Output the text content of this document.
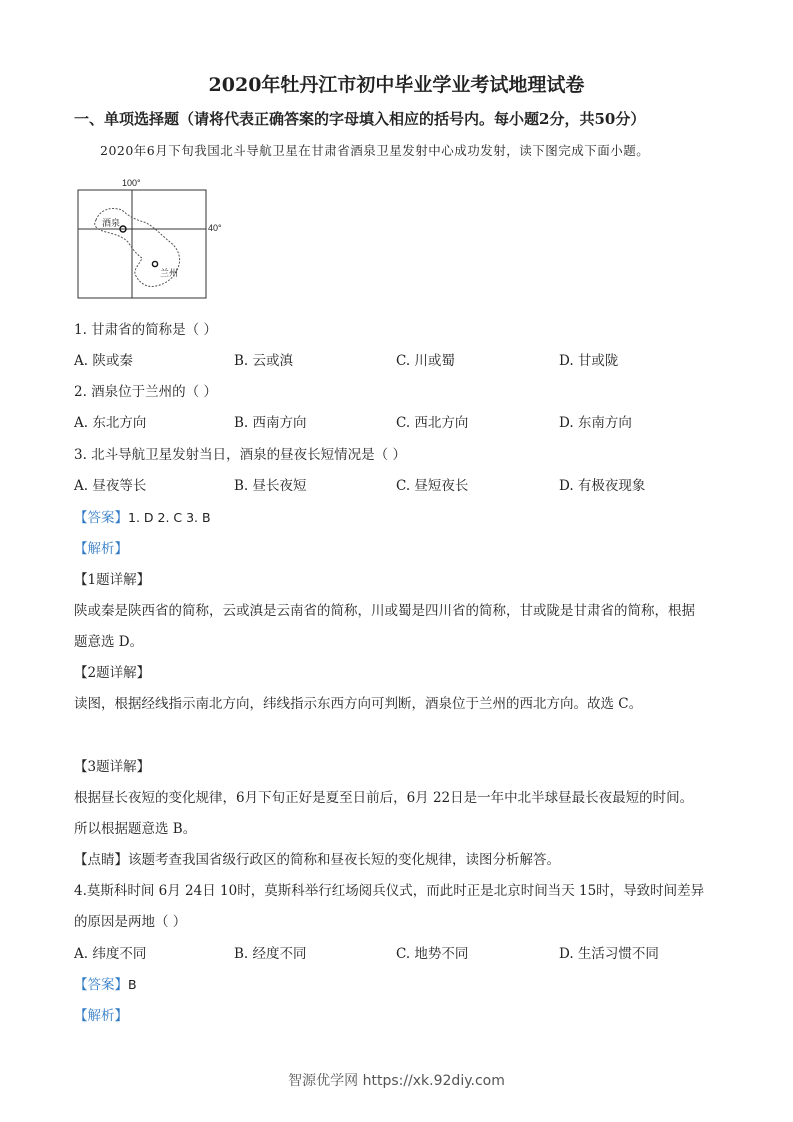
2020年牡丹江市初中毕业学业考试地理试卷
一、单项选择题（请将代表正确答案的字母填入相应的括号内。每小题2分，共50分）
2020年6月下旬我国北斗导航卫星在甘肃省酒泉卫星发射中心成功发射，读下图完成下面小题。
100°
40°
酒泉
兰州
1. 甘肃省的简称是（ ）
A. 陕或秦	B. 云或滇	C. 川或蜀	D. 甘或陇
2. 酒泉位于兰州的（ ）
A. 东北方向	B. 西南方向	C. 西北方向	D. 东南方向
3. 北斗导航卫星发射当日，酒泉的昼夜长短情况是（ ）
A. 昼夜等长	B. 昼长夜短	C. 昼短夜长	D. 有极夜现象
【答案】1. D 2. C 3. B
【解析】
【1题详解】
陕或秦是陕西省的简称，云或滇是云南省的简称，川或蜀是四川省的简称，甘或陇是甘肃省的简称，根据
题意选 D。
【2题详解】
读图，根据经线指示南北方向，纬线指示东西方向可判断，酒泉位于兰州的西北方向。故选 C。
【3题详解】
根据昼长夜短的变化规律，6月下旬正好是夏至日前后，6月 22日是一年中北半球昼最长夜最短的时间。
所以根据题意选 B。
【点睛】该题考查我国省级行政区的简称和昼夜长短的变化规律，读图分析解答。
4.莫斯科时间 6月 24日 10时，莫斯科举行红场阅兵仪式，而此时正是北京时间当天 15时，导致时间差异
的原因是两地（ ）
A. 纬度不同	B. 经度不同	C. 地势不同	D. 生活习惯不同
【答案】B
【解析】
智源优学网 https://xk.92diy.com
